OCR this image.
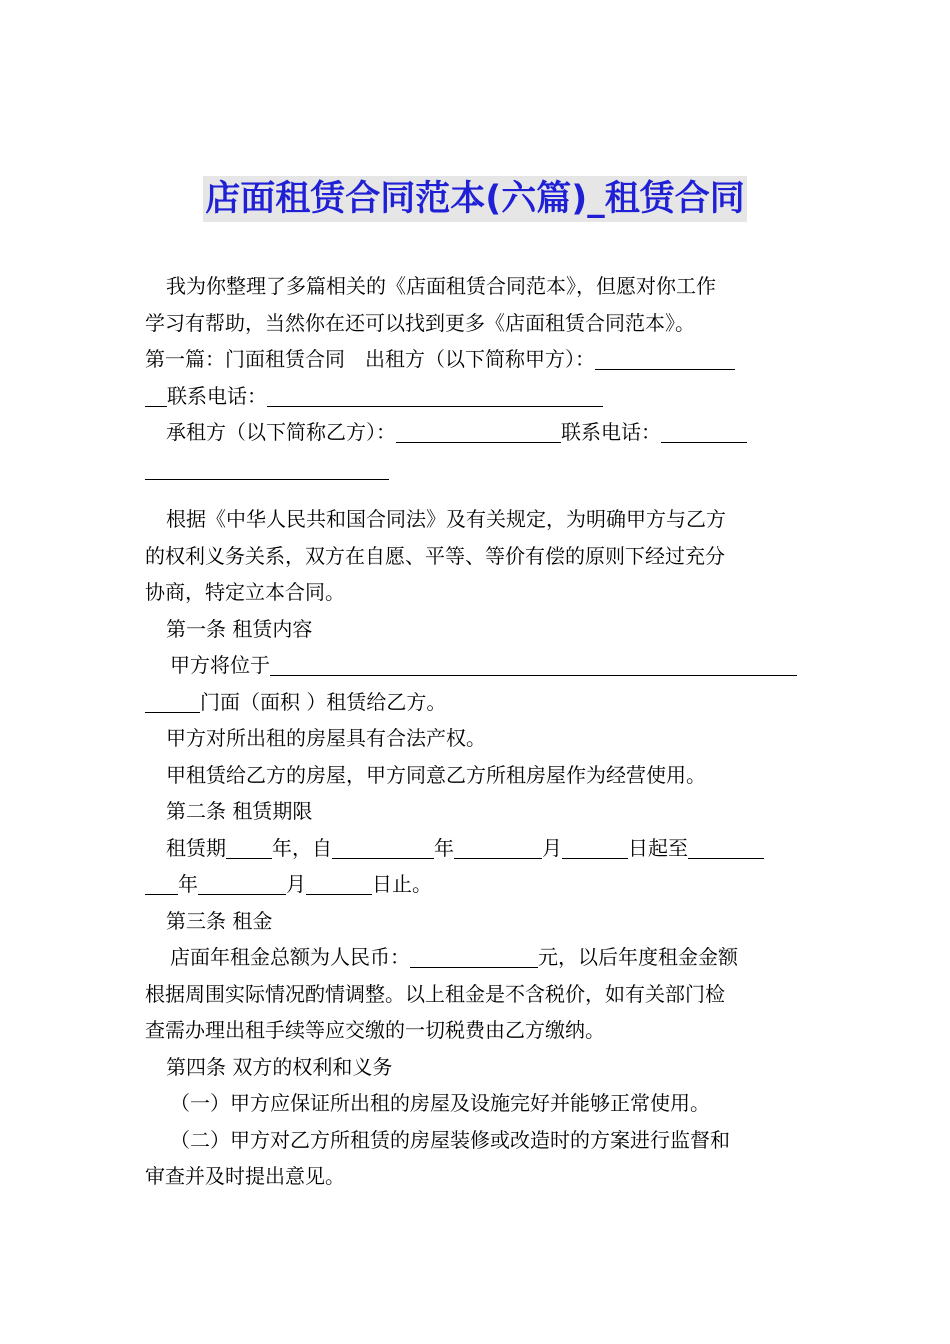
店面租赁合同范本(六篇)_租赁合同
我为你整理了多篇相关的《店面租赁合同范本》，但愿对你工作
学习有帮助，当然你在还可以找到更多《店面租赁合同范本》。
第一篇：门面租赁合同　出租方（以下简称甲方）：
联系电话：
承租方（以下简称乙方）：	联系电话：
根据《中华人民共和国合同法》及有关规定，为明确甲方与乙方
的权利义务关系，双方在自愿、平等、等价有偿的原则下经过充分
协商，特定立本合同。
第一条 租赁内容
甲方将位于
门面（面积 ）租赁给乙方。
甲方对所出租的房屋具有合法产权。
甲租赁给乙方的房屋，甲方同意乙方所租房屋作为经营使用。
第二条 租赁期限
租赁期 年，自	年	月	日起至
年	月	日止。
第三条 租金
店面年租金总额为人民币：	元，以后年度租金金额
根据周围实际情况酌情调整。以上租金是不含税价，如有关部门检
查需办理出租手续等应交缴的一切税费由乙方缴纳。
第四条 双方的权利和义务
（一）甲方应保证所出租的房屋及设施完好并能够正常使用。
（二）甲方对乙方所租赁的房屋装修或改造时的方案进行监督和
审查并及时提出意见。
